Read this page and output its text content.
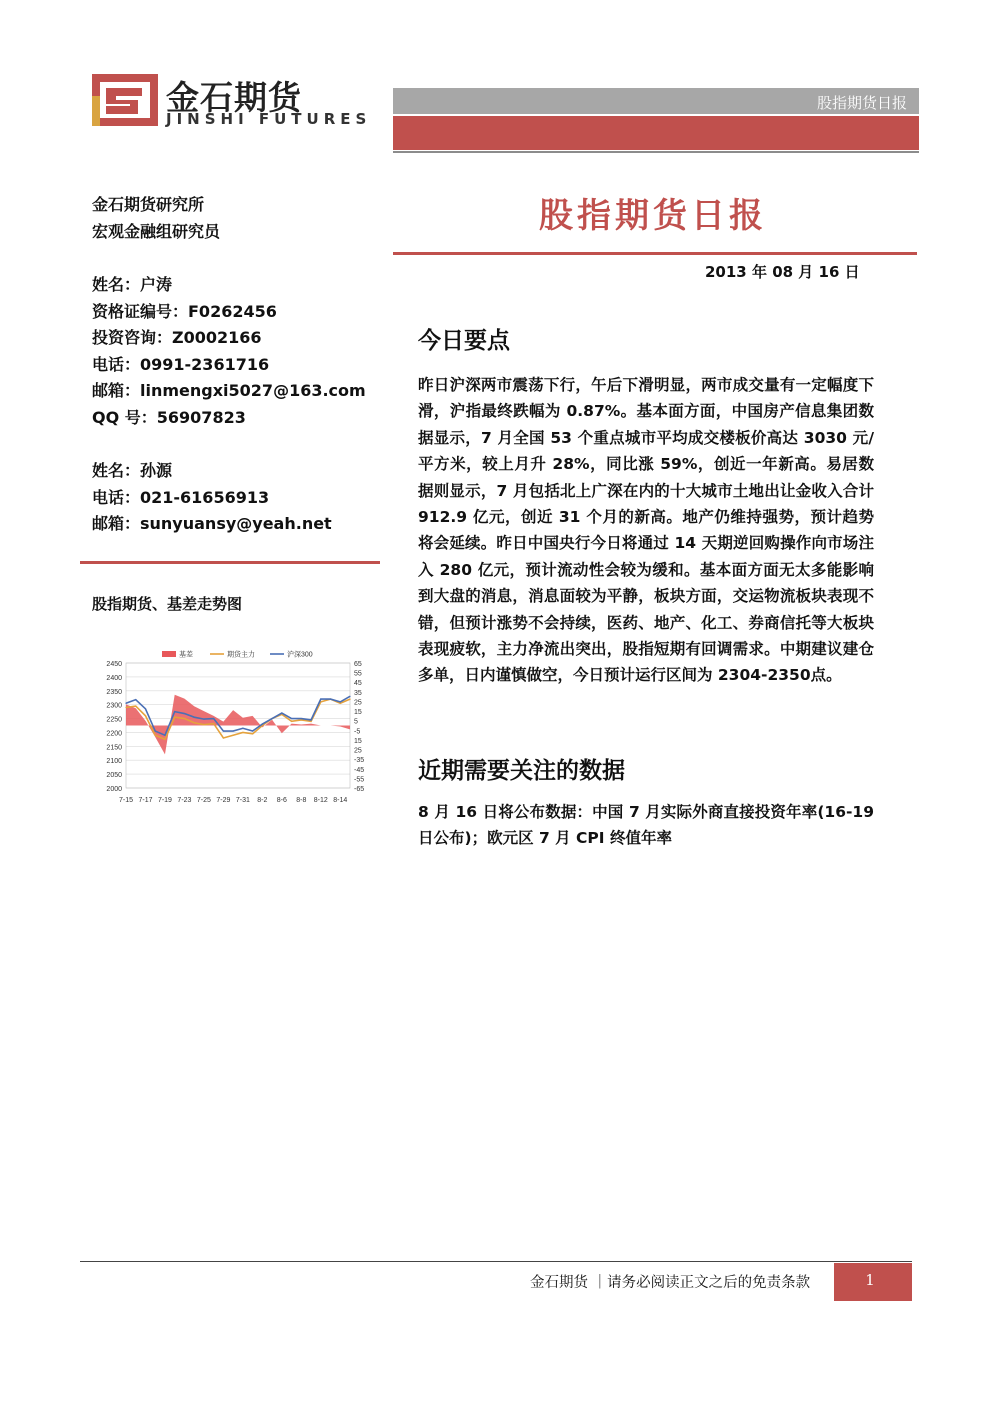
金石期货
JINSHI FUTURES
股指期货日报
股指期货日报
2013 年 08 月 16 日
金石期货研究所
宏观金融组研究员
姓名：户涛
资格证编号：F0262456
投资咨询：Z0002166
电话：0991-2361716
邮箱：linmengxi5027@163.com
QQ 号：56907823
姓名：孙源
电话：021-61656913
邮箱：sunyuansy@yeah.net
股指期货、基差走势图
2450
2400
2350
2300
2250
2200
2150
2100
2050
2000
65
55
45
35
25
15
5
-5
15
25
-35
-45
-55
-65
7-15 7-17 7-19 7-23 7-25 7-29 7-31 8-2 8-6 8-8 8-12 8-14
基差	期货主力	沪深300
今日要点
昨日沪深两市震荡下行，午后下滑明显，两市成交量有一定幅度下滑，沪指最终跌幅为 0.87%。基本面方面，中国房产信息集团数据显示，7 月全国 53 个重点城市平均成交楼板价高达 3030 元/平方米，较上月升 28%，同比涨 59%，创近一年新高。易居数据则显示，7 月包括北上广深在内的十大城市土地出让金收入合计 912.9 亿元，创近 31 个月的新高。地产仍维持强势，预计趋势将会延续。昨日中国央行今日将通过 14 天期逆回购操作向市场注入 280 亿元，预计流动性会较为缓和。基本面方面无太多能影响到大盘的消息，消息面较为平静，板块方面，交运物流板块表现不错，但预计涨势不会持续，医药、地产、化工、券商信托等大板块表现疲软，主力净流出突出，股指短期有回调需求。中期建议建仓多单，日内谨慎做空，今日预计运行区间为 2304-2350点。
近期需要关注的数据
8 月 16 日将公布数据：中国 7 月实际外商直接投资年率(16-19 日公布)；欧元区 7 月 CPI 终值年率
金石期货 ｜请务必阅读正文之后的免责条款	1
